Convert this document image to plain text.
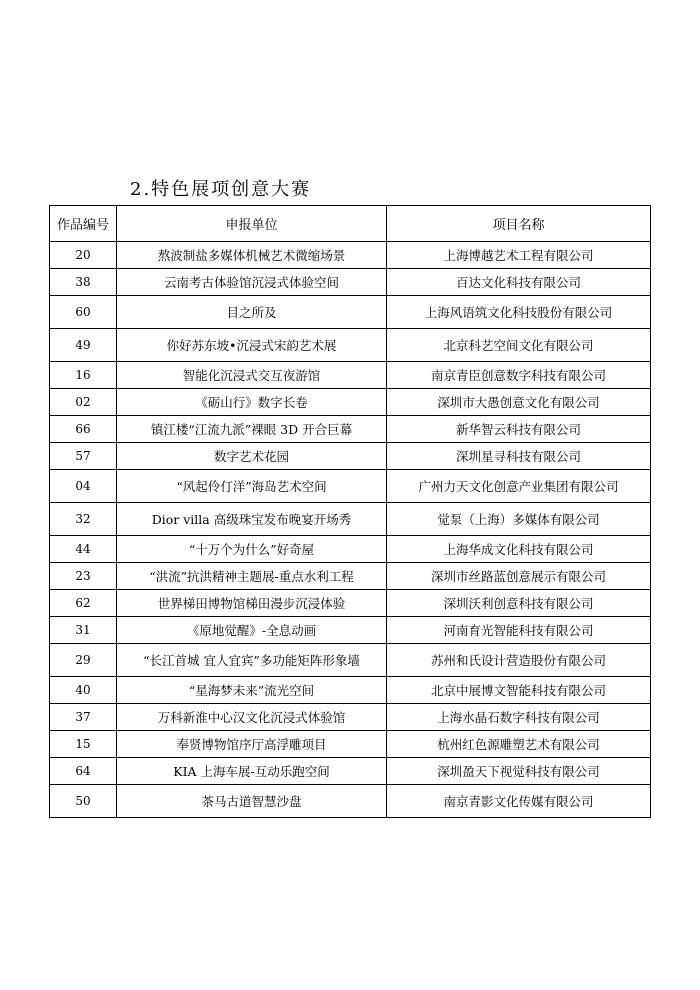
2.特色展项创意大赛
作品编号	申报单位	项目名称
20	熬波制盐多媒体机械艺术微缩场景	上海博越艺术工程有限公司
38	云南考古体验馆沉浸式体验空间	百达文化科技有限公司
60	目之所及	上海风语筑文化科技股份有限公司
49	你好苏东坡•沉浸式宋韵艺术展	北京科艺空间文化有限公司
16	智能化沉浸式交互夜游馆	南京青臣创意数字科技有限公司
02	《砺山行》数字长卷	深圳市大愚创意文化有限公司
66	镇江楼“江流九派”裸眼 3D 开合巨幕	新华智云科技有限公司
57	数字艺术花园	深圳星寻科技有限公司
04	“风起伶仃洋”海岛艺术空间	广州力天文化创意产业集团有限公司
32	Dior villa 高级珠宝发布晚宴开场秀	觉泵（上海）多媒体有限公司
44	“十万个为什么”好奇屋	上海华成文化科技有限公司
23	“洪流”抗洪精神主题展-重点水利工程	深圳市丝路蓝创意展示有限公司
62	世界梯田博物馆梯田漫步沉浸体验	深圳沃利创意科技有限公司
31	《原地觉醒》-全息动画	河南育光智能科技有限公司
29	“长江首城 宜人宜宾”多功能矩阵形象墙	苏州和氏设计营造股份有限公司
40	“星海梦未来”流光空间	北京中展博文智能科技有限公司
37	万科新淮中心汉文化沉浸式体验馆	上海水晶石数字科技有限公司
15	奉贤博物馆序厅高浮雕项目	杭州红色源雕塑艺术有限公司
64	KIA 上海车展-互动乐跑空间	深圳盈天下视觉科技有限公司
50	茶马古道智慧沙盘	南京青影文化传媒有限公司
